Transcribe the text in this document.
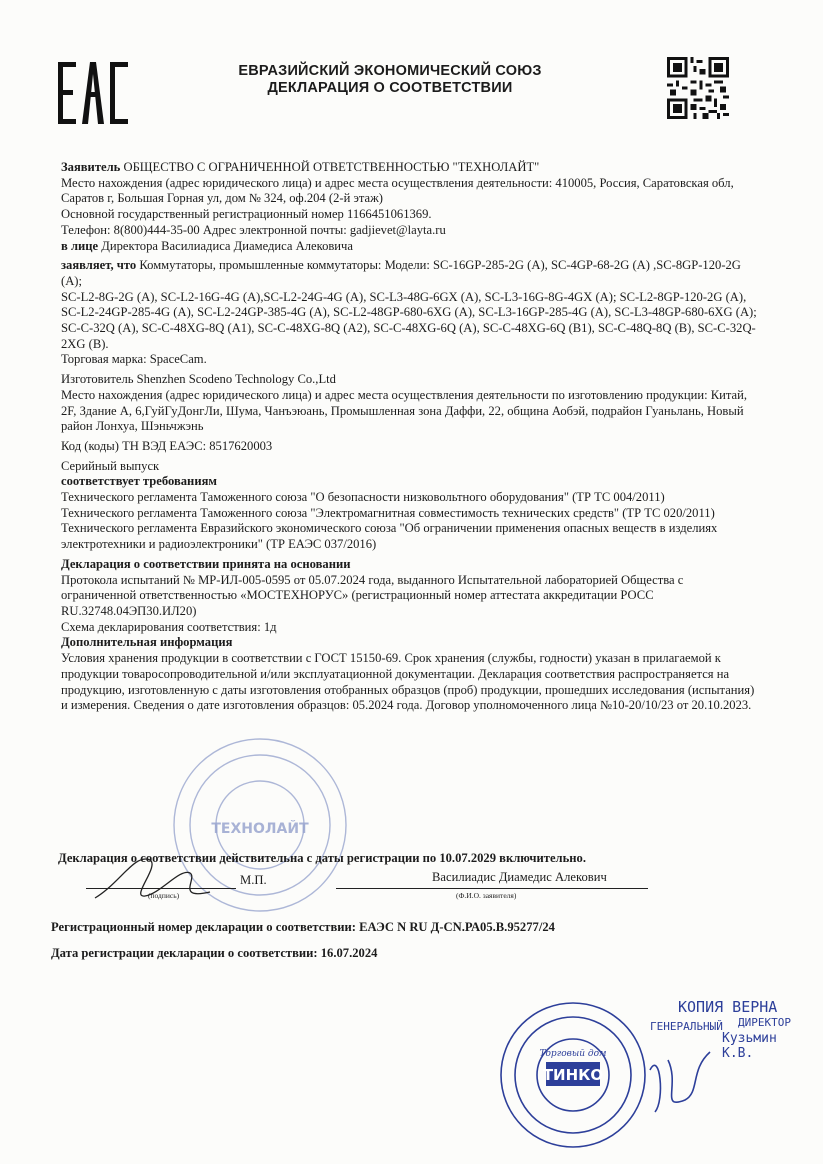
ЕВРАЗИЙСКИЙ ЭКОНОМИЧЕСКИЙ СОЮЗ
ДЕКЛАРАЦИЯ О СООТВЕТСТВИИ

Заявитель ОБЩЕСТВО С ОГРАНИЧЕННОЙ ОТВЕТСТВЕННОСТЬЮ "ТЕХНОЛАЙТ"

Место нахождения (адрес юридического лица) и адрес места осуществления деятельности: 410005, Россия, Саратовская обл, Саратов г, Большая Горная ул, дом № 324, оф.204 (2-й этаж)

Основной государственный регистрационный номер 1166451061369.

Телефон: 8(800)444-35-00 Адрес электронной почты: gadjievet@layta.ru

в лице Директора Василиадиса Диамедиса Алековича

заявляет, что Коммутаторы, промышленные коммутаторы: Модели: SC-16GP-285-2G (A), SC-4GP-68-2G (A) ,SC-8GP-120-2G (A);

SC-L2-8G-2G (A), SC-L2-16G-4G (A),SC-L2-24G-4G (A), SC-L3-48G-6GX (A), SC-L3-16G-8G-4GX (A); SC-L2-8GP-120-2G (A), SC-L2-24GP-285-4G (A), SC-L2-24GP-385-4G (A), SC-L2-48GP-680-6XG (A), SC-L3-16GP-285-4G (A), SC-L3-48GP-680-6XG (A);

SC-C-32Q (A), SC-C-48XG-8Q (A1), SC-C-48XG-8Q (A2), SC-C-48XG-6Q (A), SC-C-48XG-6Q (B1), SC-C-48Q-8Q (B), SC-C-32Q-2XG (B).

Торговая марка: SpaceCam.

Изготовитель Shenzhen Scodeno Technology Co.,Ltd

Место нахождения (адрес юридического лица) и адрес места осуществления деятельности по изготовлению продукции: Китай, 2F, Здание A, 6,ГуйГуДонгЛи, Шума, Чанъэюань, Промышленная зона Даффи, 22, община Аобэй, подрайон Гуаньлань, Новый район Лонхуа, Шэньчжэнь

Код (коды) ТН ВЭД ЕАЭС: 8517620003

Серийный выпуск

соответствует требованиям

Технического регламента Таможенного союза "О безопасности низковольтного оборудования" (ТР ТС 004/2011)

Технического регламента Таможенного союза "Электромагнитная совместимость технических средств" (ТР ТС 020/2011)

Технического регламента Евразийского экономического союза "Об ограничении применения опасных веществ в изделиях электротехники и радиоэлектроники" (ТР ЕАЭС 037/2016)

Декларация о соответствии принята на основании

Протокола испытаний № МР-ИЛ-005-0595 от 05.07.2024 года, выданного Испытательной лабораторией Общества с ограниченной ответственностью «МОСТЕХНОРУС» (регистрационный номер аттестата аккредитации РОСС RU.32748.04ЭП30.ИЛ20)

Схема декларирования соответствия: 1д

Дополнительная информация

Условия хранения продукции в соответствии с ГОСТ 15150-69. Срок хранения (службы, годности) указан в прилагаемой к продукции товаросопроводительной и/или эксплуатационной документации. Декларация соответствия распространяется на продукцию, изготовленную с даты изготовления отобранных образцов (проб) продукции, прошедших исследования (испытания) и измерения. Сведения о дате изготовления образцов: 05.2024 года. Договор уполномоченного лица №10-20/10/23 от 20.10.2023.

ТЕХНОЛАЙТ
Декларация о соответствии действительна с даты регистрации по 10.07.2029 включительно.
(подпись)
М.П.	Василиадис Диамедис Алекович
(Ф.И.О. заявителя)
Регистрационный номер декларации о соответствии: ЕАЭС N RU Д-CN.РА05.В.95277/24
Дата регистрации декларации о соответствии: 16.07.2024
ТИНКО
Торговый дом
КОПИЯ ВЕРНА
ГЕНЕРАЛЬНЫЙ ДИРЕКТОР
Кузьмин К.В.
